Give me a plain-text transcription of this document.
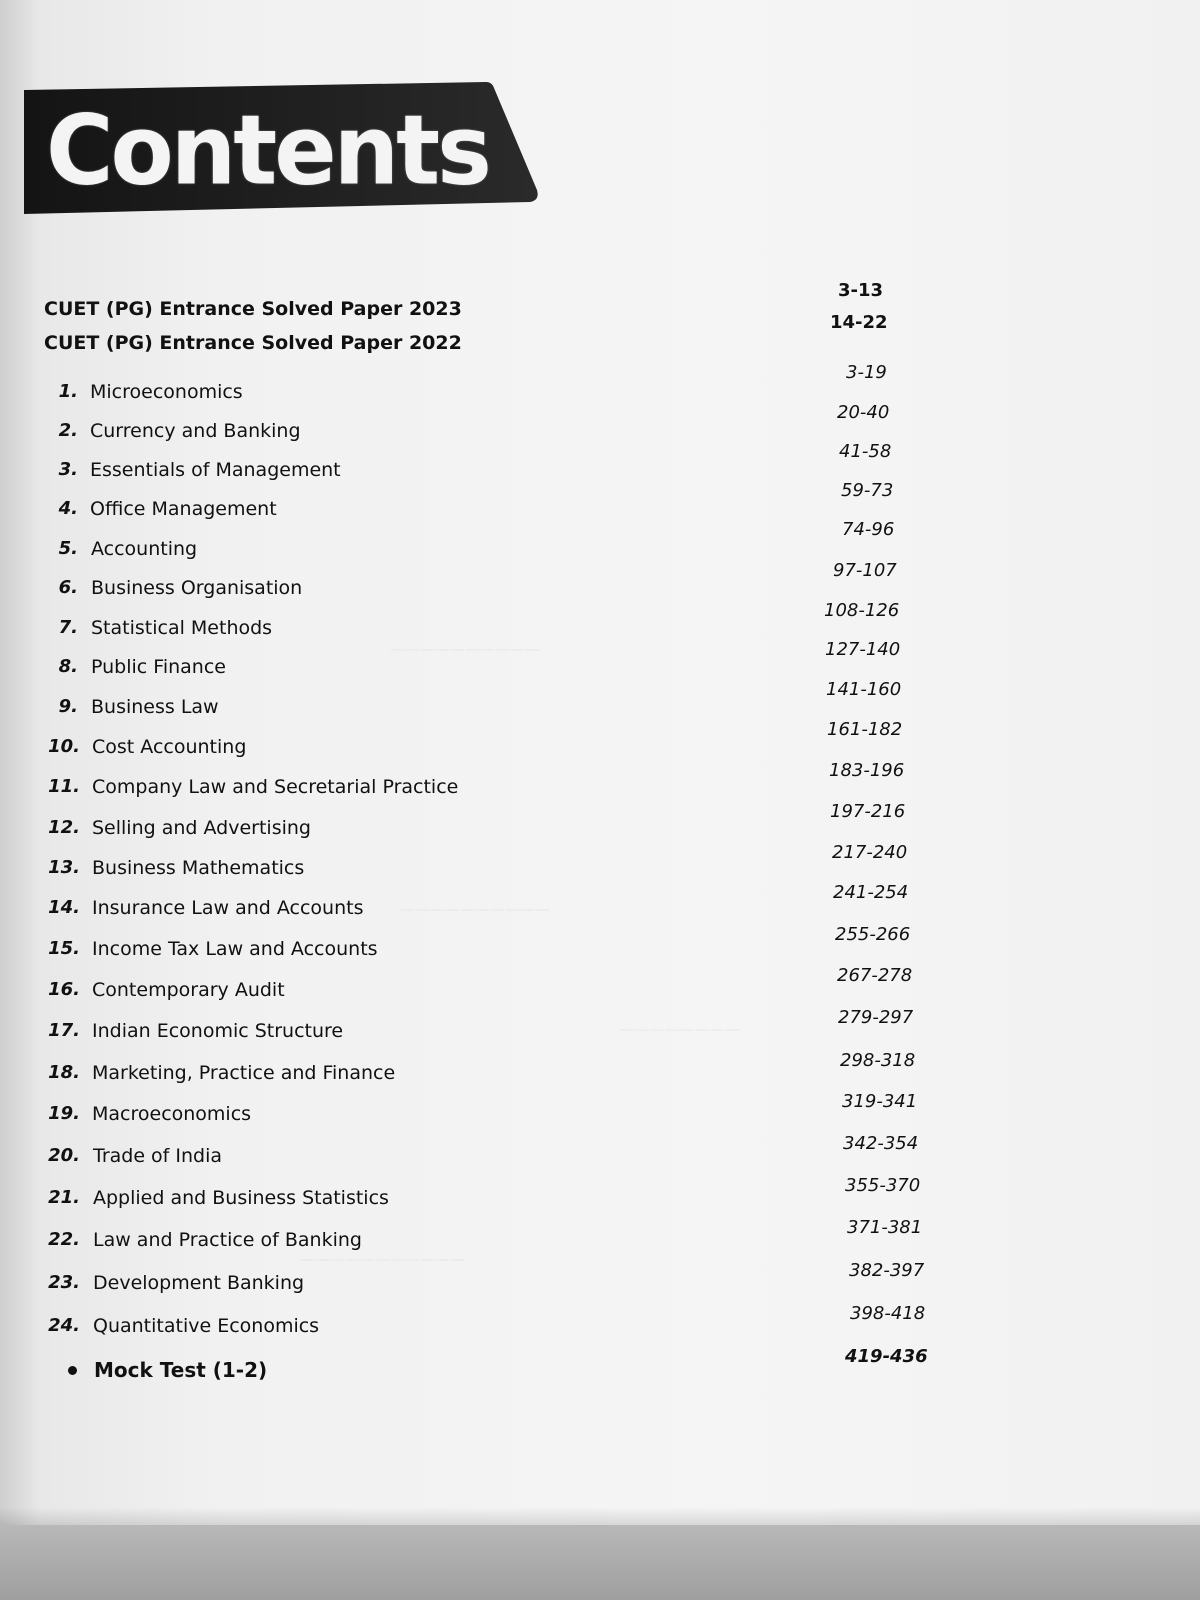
——————————
——————————
————————
———————————
Contents
CUET (PG) Entrance Solved Paper 2023
3-13
CUET (PG) Entrance Solved Paper 2022
14-22
1. Microeconomics
3-19
2. Currency and Banking
20-40
3. Essentials of Management
41-58
4. Office Management
59-73
5. Accounting
74-96
6. Business Organisation
97-107
7. Statistical Methods
108-126
8. Public Finance
127-140
9. Business Law
141-160
10. Cost Accounting
161-182
11. Company Law and Secretarial Practice
183-196
12. Selling and Advertising
197-216
13. Business Mathematics
217-240
14. Insurance Law and Accounts
241-254
15. Income Tax Law and Accounts
255-266
16. Contemporary Audit
267-278
17. Indian Economic Structure
279-297
18. Marketing, Practice and Finance
298-318
19. Macroeconomics
319-341
20. Trade of India
342-354
21. Applied and Business Statistics
355-370
22. Law and Practice of Banking
371-381
23. Development Banking
382-397
24. Quantitative Economics
398-418
Mock Test (1-2)
419-436
